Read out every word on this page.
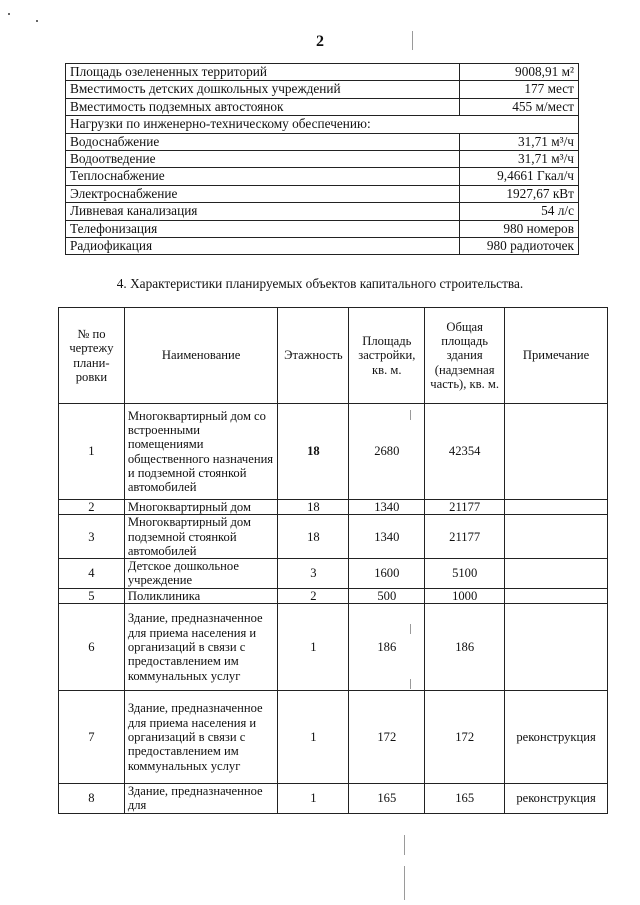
2
Площадь озелененных территорий	9008,91 м²
Вместимость детских дошкольных учреждений	177 мест
Вместимость подземных автостоянок	455 м/мест
Нагрузки по инженерно-техническому обеспечению:	
Водоснабжение	31,71 м³/ч
Водоотведение	31,71 м³/ч
Теплоснабжение	9,4661 Гкал/ч
Электроснабжение	1927,67 кВт
Ливневая канализация	54 л/с
Телефонизация	980 номеров
Радиофикация	980 радиоточек
4. Характеристики планируемых объектов капитального строительства.
№ по чертежу плани-ровки	Наименование	Этажность	Площадь застройки, кв. м.	Общая площадь здания (надземная часть), кв. м.	Примечание
1	Многоквартирный дом со встроенными помещениями общественного назначения и подземной стоянкой автомобилей	18	2680	42354	
2	Многоквартирный дом	18	1340	21177	
3	Многоквартирный дом подземной стоянкой автомобилей	18	1340	21177	
4	Детское дошкольное учреждение	3	1600	5100	
5	Поликлиника	2	500	1000	
6	Здание, предназначенное для приема населения и организаций в связи с предоставлением им коммунальных услуг	1	186	186	
7	Здание, предназначенное для приема населения и организаций в связи с предоставлением им коммунальных услуг	1	172	172	реконструкция
8	Здание, предназначенное для	1	165	165	реконструкция
